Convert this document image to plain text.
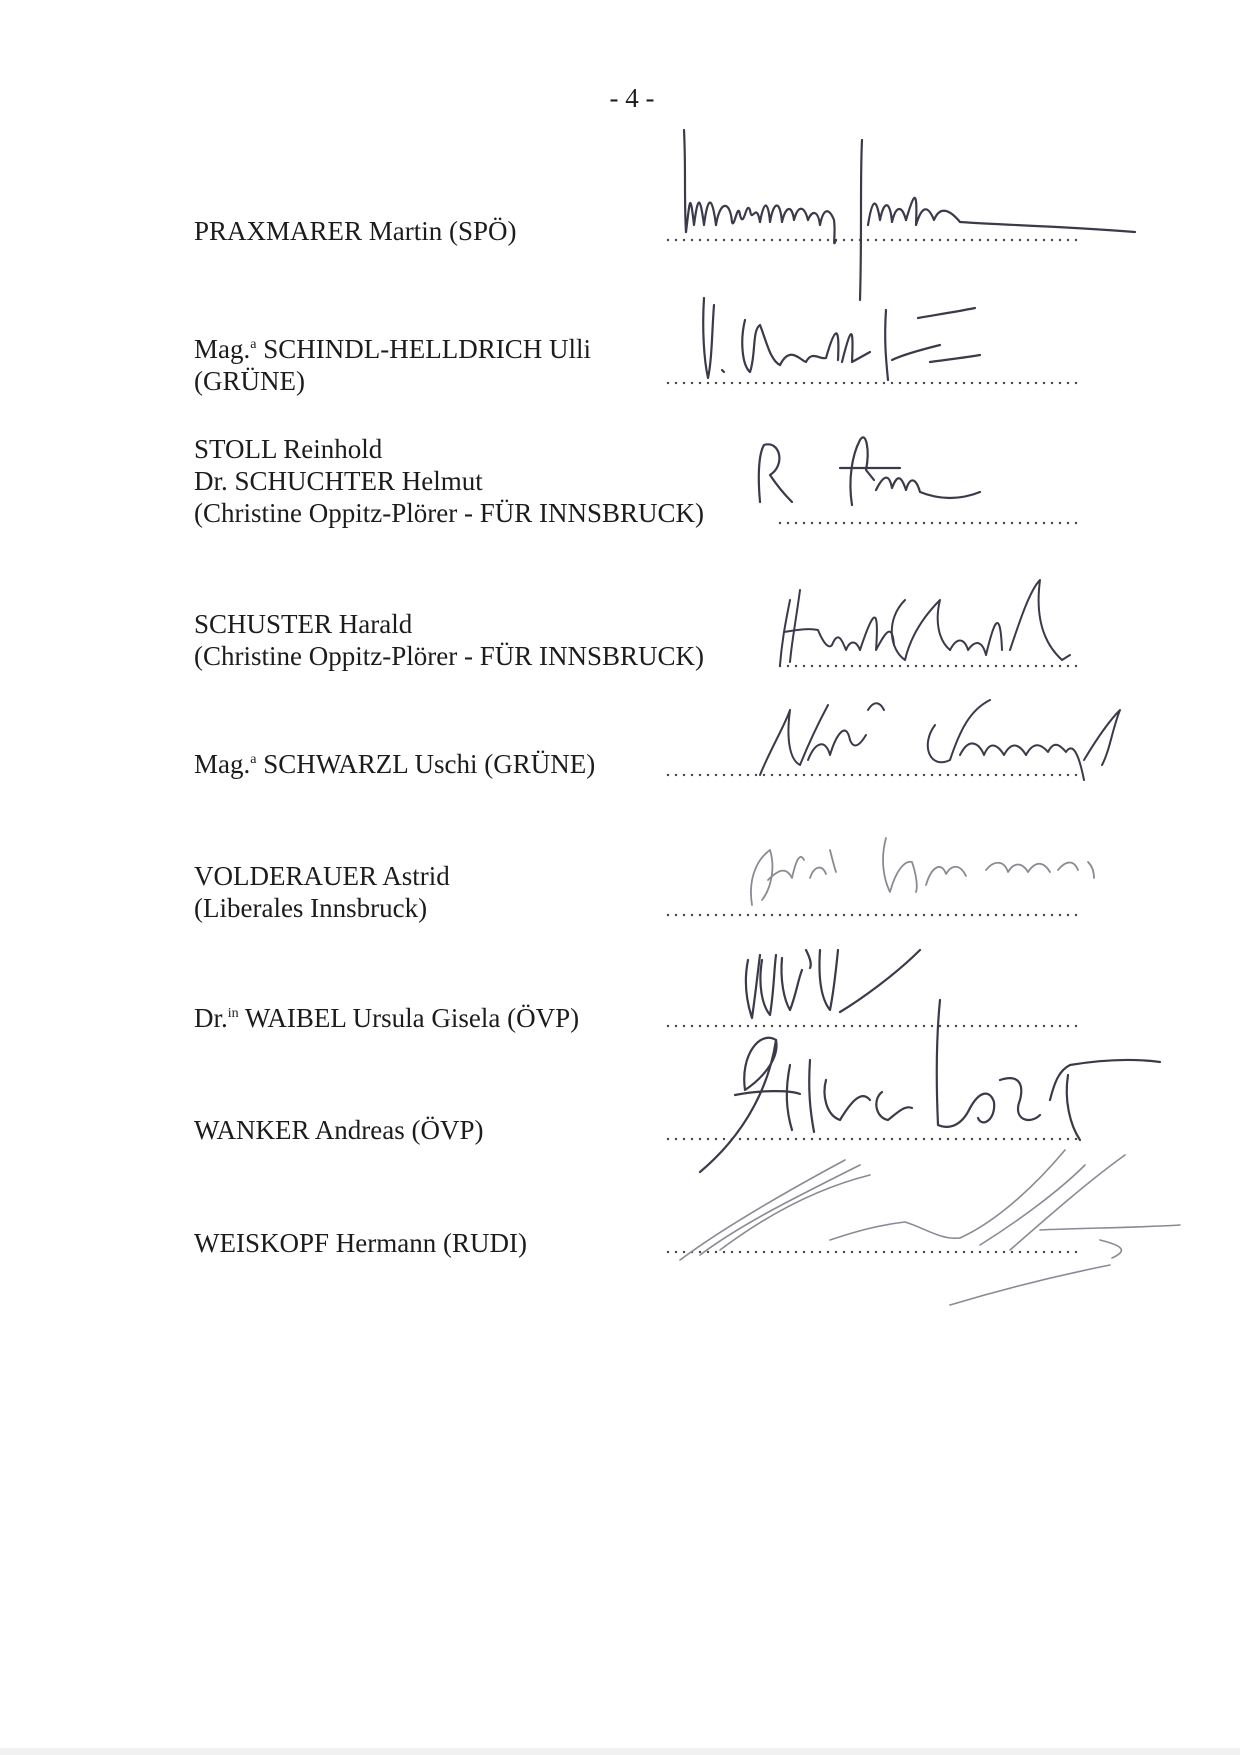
- 4 -
PRAXMARER Martin (SPÖ)
Mag.$^a$ SCHINDL-HELLDRICH Ulli
(GRÜNE)
STOLL Reinhold
Dr. SCHUCHTER Helmut
(Christine Oppitz-Plörer - FÜR INNSBRUCK)
SCHUSTER Harald
(Christine Oppitz-Plörer - FÜR INNSBRUCK)
Mag.$^a$ SCHWARZL Uschi (GRÜNE)
VOLDERAUER Astrid
(Liberales Innsbruck)
Dr.$^{in}$ WAIBEL Ursula Gisela (ÖVP)
WANKER Andreas (ÖVP)
WEISKOPF Hermann (RUDI)
